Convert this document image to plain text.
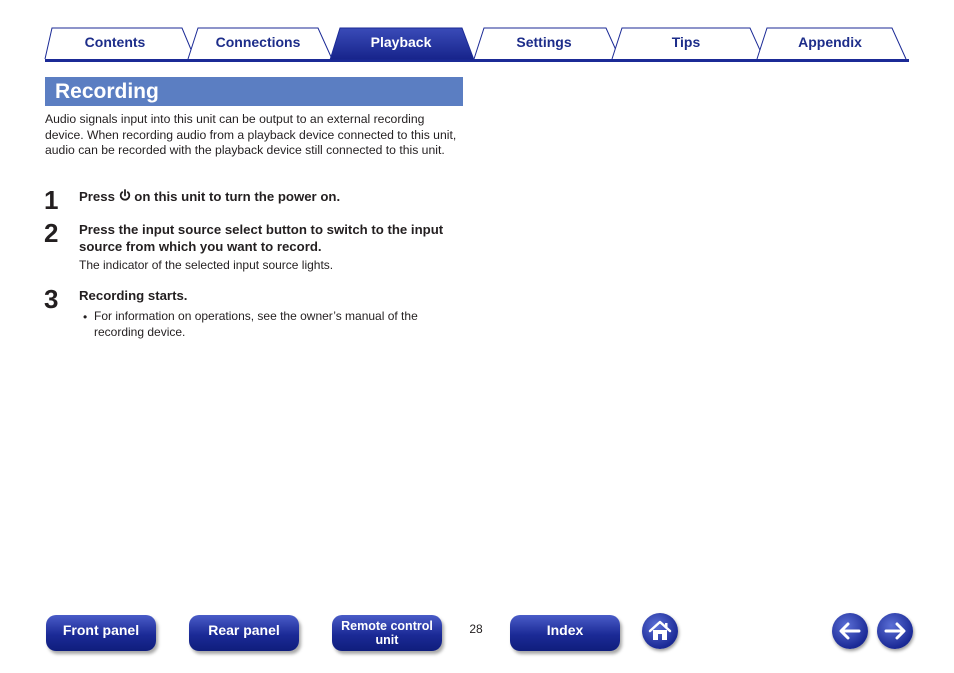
Contents	Connections	Playback	Settings	Tips	Appendix
Recording
Audio signals input into this unit can be output to an external recording device. When recording audio from a playback device connected to this unit, audio can be recorded with the playback device still connected to this unit.
1 Press  on this unit to turn the power on.
2 Press the input source select button to switch to the input source from which you want to record.
The indicator of the selected input source lights.
3 Recording starts.
• For information on operations, see the owner’s manual of the recording device.
Front panel	Rear panel	Remote control
unit
28	Index
